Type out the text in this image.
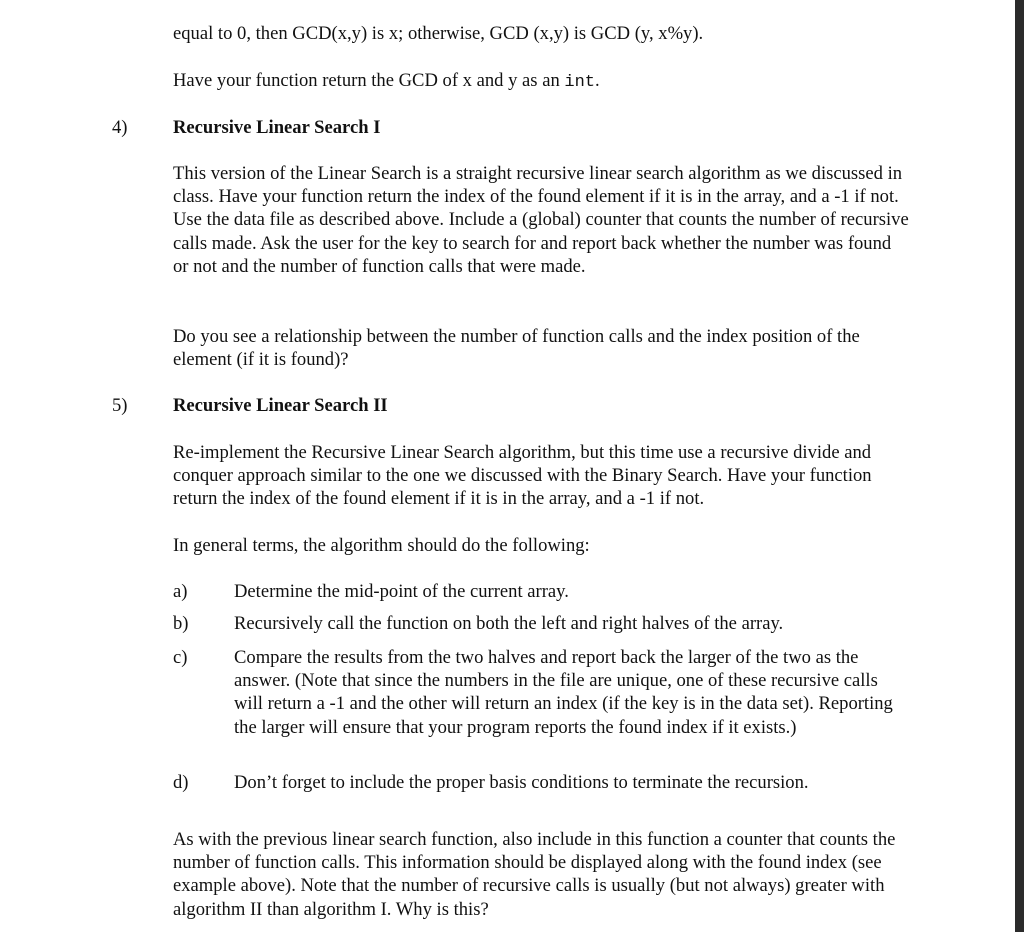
equal to 0, then GCD(x,y) is x; otherwise, GCD (x,y) is GCD (y, x%y).

Have your function return the GCD of x and y as an int.

4) Recursive Linear Search I

This version of the Linear Search is a straight recursive linear search algorithm as we discussed in class. Have your function return the index of the found element if it is in the array, and a -1 if not. Use the data file as described above. Include a (global) counter that counts the number of recursive calls made. Ask the user for the key to search for and report back whether the number was found or not and the number of function calls that were made.

Do you see a relationship between the number of function calls and the index position of the element (if it is found)?

5) Recursive Linear Search II

Re-implement the Recursive Linear Search algorithm, but this time use a recursive divide and conquer approach similar to the one we discussed with the Binary Search. Have your function return the index of the found element if it is in the array, and a -1 if not.

In general terms, the algorithm should do the following:

a)	Determine the mid-point of the current array.

b) Recursively call the function on both the left and right halves of the array.

c)	Compare the results from the two halves and report back the larger of the two as the answer. (Note that since the numbers in the file are unique, one of these recursive calls will return a -1 and the other will return an index (if the key is in the data set). Reporting the larger will ensure that your program reports the found index if it exists.)

d) Don’t forget to include the proper basis conditions to terminate the recursion.

As with the previous linear search function, also include in this function a counter that counts the number of function calls. This information should be displayed along with the found index (see example above). Note that the number of recursive calls is usually (but not always) greater with algorithm II than algorithm I. Why is this?
